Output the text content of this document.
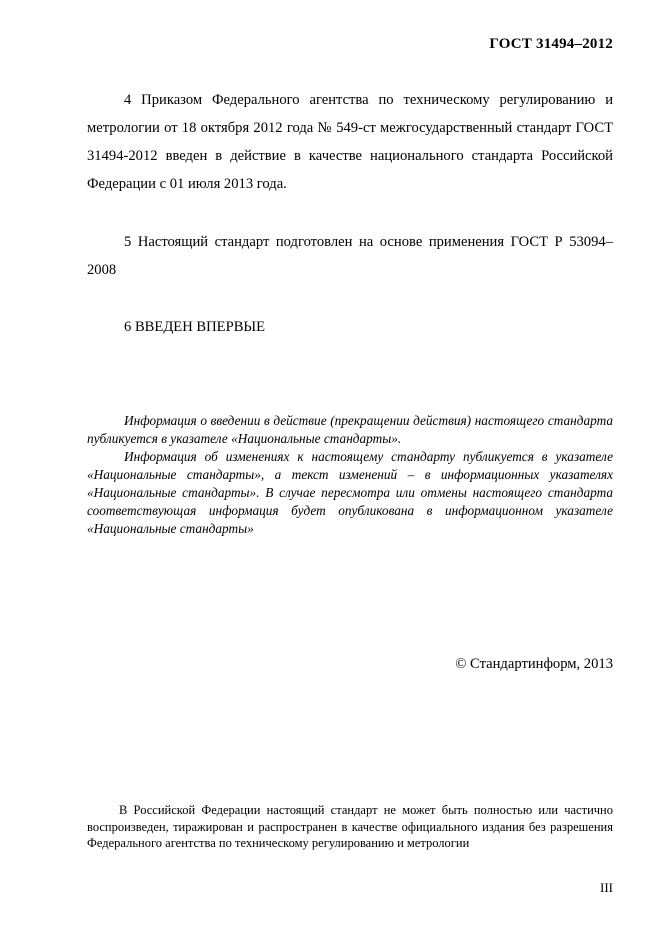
ГОСТ 31494–2012

4 Приказом Федерального агентства по техническому регулированию и метрологии от 18 октября 2012 года № 549-ст межгосударственный стандарт ГОСТ 31494-2012 введен в действие в качестве национального стандарта Российской Федерации с 01 июля 2013 года.

5 Настоящий стандарт подготовлен на основе применения ГОСТ Р 53094–2008

6 ВВЕДЕН ВПЕРВЫЕ

Информация о введении в действие (прекращении действия) настоящего стандарта публикуется в указателе «Национальные стандарты».

Информация об изменениях к настоящему стандарту публикуется в указателе «Национальные стандарты», а текст изменений – в информационных указателях «Национальные стандарты». В случае пересмотра или отмены настоящего стандарта соответствующая информация будет опубликована в информационном указателе «Национальные стандарты»

© Стандартинформ, 2013

В Российской Федерации настоящий стандарт не может быть полностью или частично воспроизведен, тиражирован и распространен в качестве официального издания без разрешения Федерального агентства по техническому регулированию и метрологии

III
